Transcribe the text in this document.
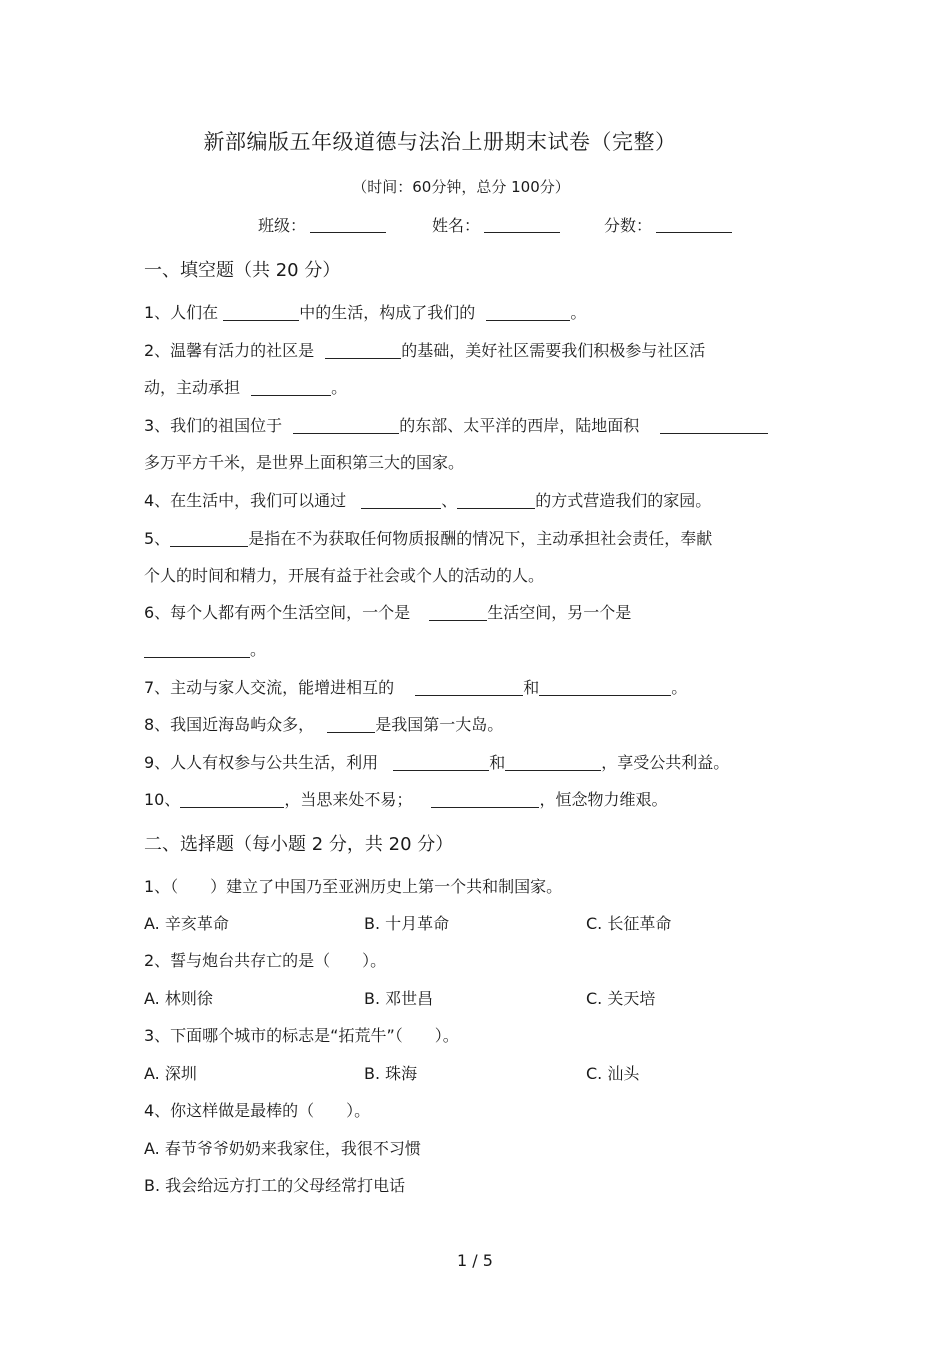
新部编版五年级道德与法治上册期末试卷（完整）
（时间：60分钟，总分 100分）
班级：	姓名：	分数：
一、填空题（共 20 分）
1、人们在	中的生活，构成了我们的	。
2、温馨有活力的社区是	的基础，美好社区需要我们积极参与社区活
动，主动承担	。
3、我们的祖国位于	的东部、太平洋的西岸，陆地面积
多万平方千米，是世界上面积第三大的国家。
4、在生活中，我们可以通过	、	的方式营造我们的家园。
5、	是指在不为获取任何物质报酬的情况下，主动承担社会责任，奉献
个人的时间和精力，开展有益于社会或个人的活动的人。
6、每个人都有两个生活空间，一个是	生活空间，另一个是
。
7、主动与家人交流，能增进相互的	和	。
8、我国近海岛屿众多，	是我国第一大岛。
9、人人有权参与公共生活，利用	和	，享受公共利益。
10、	，当思来处不易；	，恒念物力维艰。
二、选择题（每小题 2 分，共 20 分）
1、（　　）建立了中国乃至亚洲历史上第一个共和制国家。
A. 辛亥革命	B. 十月革命	C. 长征革命
2、誓与炮台共存亡的是（　　）。
A. 林则徐	B. 邓世昌	C. 关天培
3、下面哪个城市的标志是“拓荒牛”（　　）。
A. 深圳	B. 珠海	C. 汕头
4、你这样做是最棒的（　　）。
A. 春节爷爷奶奶来我家住，我很不习惯
B. 我会给远方打工的父母经常打电话
1 / 5
